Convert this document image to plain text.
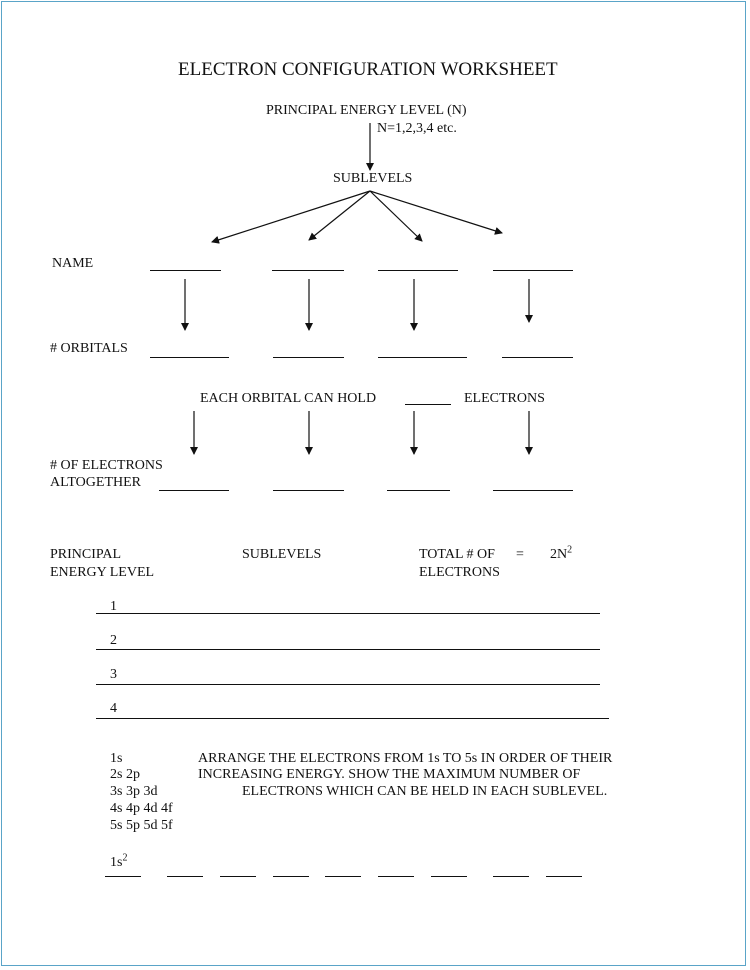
ELECTRON CONFIGURATION WORKSHEET
PRINCIPAL ENERGY LEVEL (N)
N=1,2,3,4 etc.
SUBLEVELS
NAME
# ORBITALS
EACH ORBITAL CAN HOLD	ELECTRONS
# OF ELECTRONS
ALTOGETHER
PRINCIPAL
ENERGY LEVEL
SUBLEVELS	TOTAL # OF
ELECTRONS
= $2N^2$
1
2
3
4
1s
2s 2p
3s 3p 3d
4s 4p 4d 4f
5s 5p 5d 5f
ARRANGE THE ELECTRONS FROM 1s TO 5s IN ORDER OF THEIR
INCREASING ENERGY. SHOW THE MAXIMUM NUMBER OF
ELECTRONS WHICH CAN BE HELD IN EACH SUBLEVEL.
$1s^2$
